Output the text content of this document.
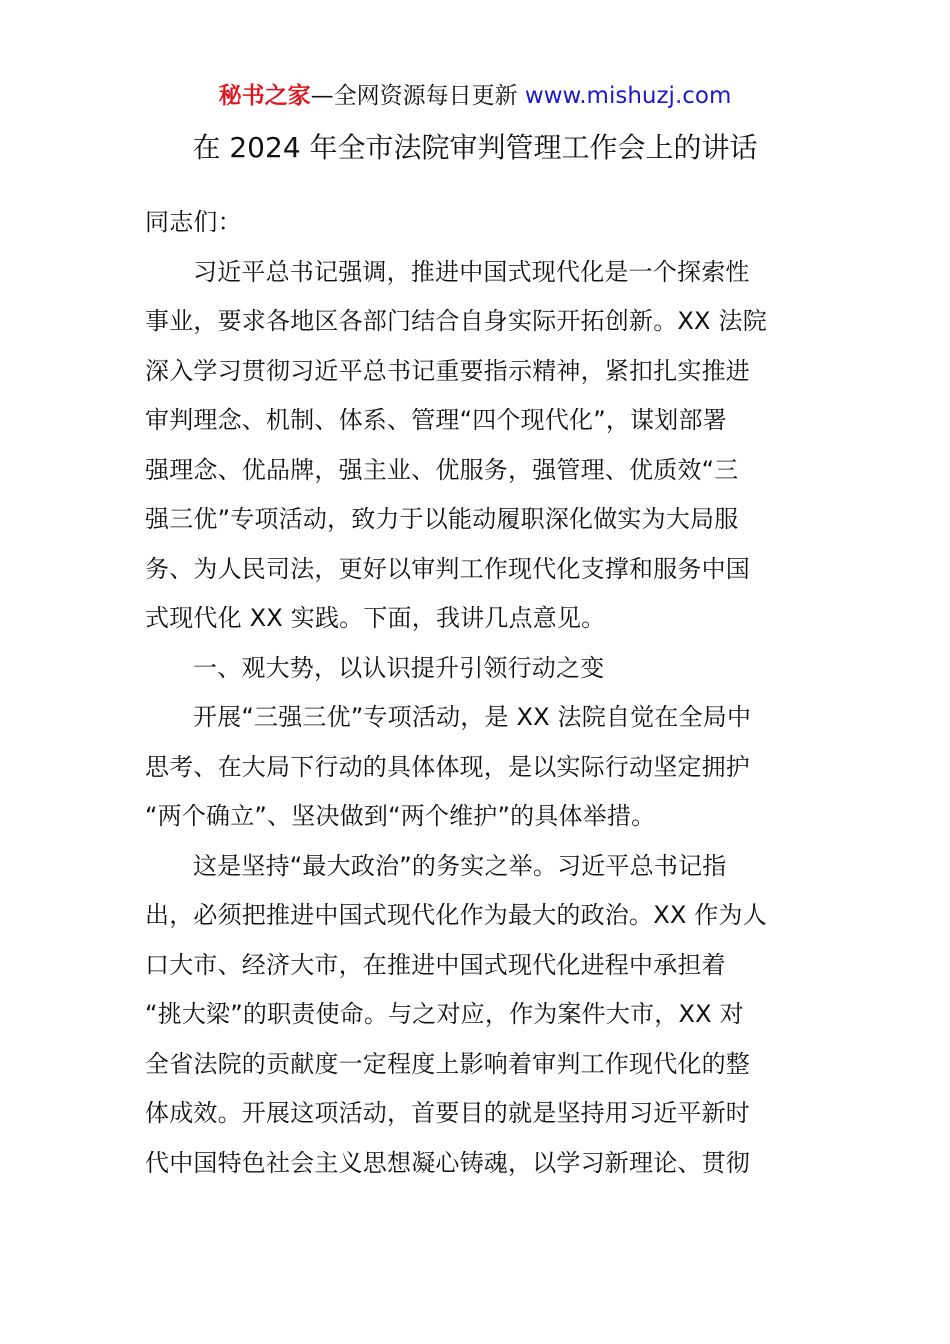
秘书之家—全网资源每日更新 www.mishuzj.com
在 2024 年全市法院审判管理工作会上的讲话
同志们：
习近平总书记强调，推进中国式现代化是一个探索性
事业，要求各地区各部门结合自身实际开拓创新。XX 法院
深入学习贯彻习近平总书记重要指示精神，紧扣扎实推进
审判理念、机制、体系、管理“四个现代化”，谋划部署
强理念、优品牌，强主业、优服务，强管理、优质效“三
强三优”专项活动，致力于以能动履职深化做实为大局服
务、为人民司法，更好以审判工作现代化支撑和服务中国
式现代化 XX 实践。下面，我讲几点意见。
一、观大势，以认识提升引领行动之变
开展“三强三优”专项活动，是 XX 法院自觉在全局中
思考、在大局下行动的具体体现，是以实际行动坚定拥护
“两个确立”、坚决做到“两个维护”的具体举措。
这是坚持“最大政治”的务实之举。习近平总书记指
出，必须把推进中国式现代化作为最大的政治。XX 作为人
口大市、经济大市，在推进中国式现代化进程中承担着
“挑大梁”的职责使命。与之对应，作为案件大市，XX 对
全省法院的贡献度一定程度上影响着审判工作现代化的整
体成效。开展这项活动，首要目的就是坚持用习近平新时
代中国特色社会主义思想凝心铸魂，以学习新理论、贯彻
